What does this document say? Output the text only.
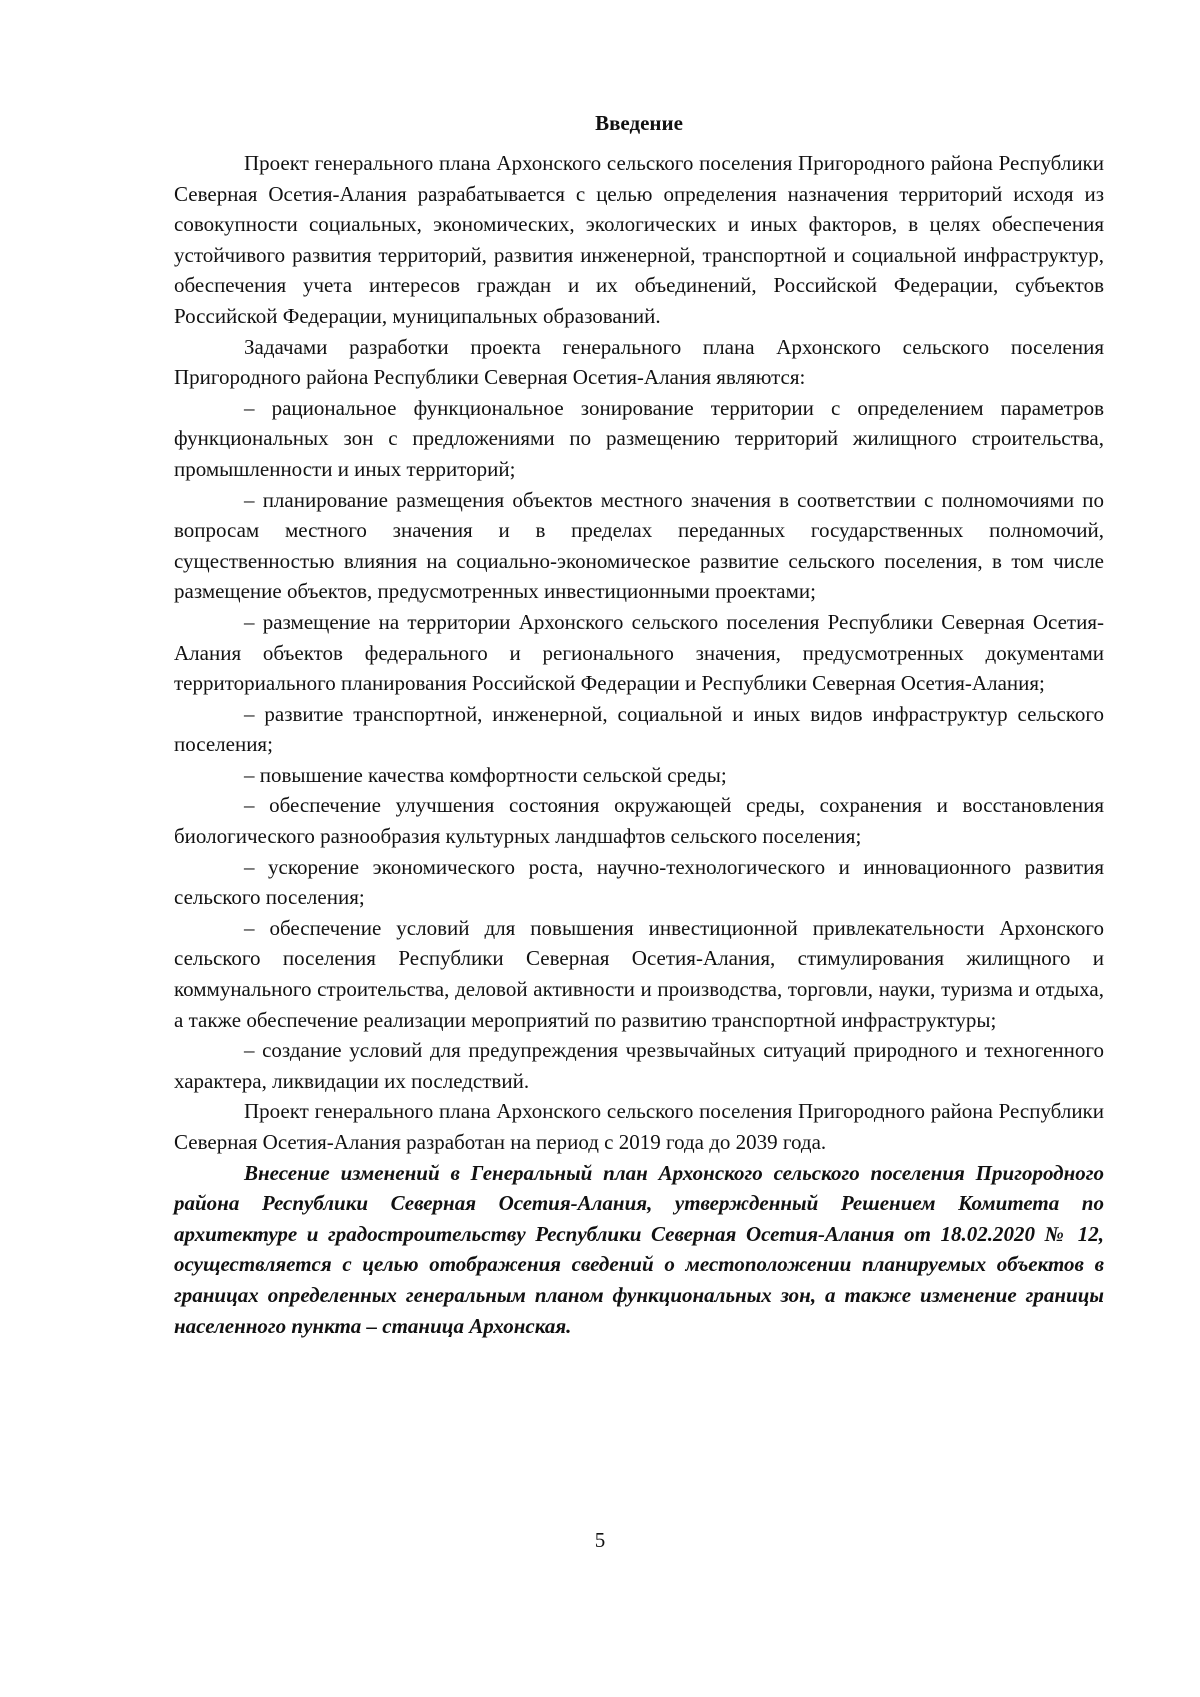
Введение

Проект генерального плана Архонского сельского поселения Пригородного района Республики Северная Осетия-Алания разрабатывается с целью определения назначения территорий исходя из совокупности социальных, экономических, экологических и иных факторов, в целях обеспечения устойчивого развития территорий, развития инженерной, транспортной и социальной инфраструктур, обеспечения учета интересов граждан и их объединений, Российской Федерации, субъектов Российской Федерации, муниципальных образований.

Задачами разработки проекта генерального плана Архонского сельского поселения Пригородного района Республики Северная Осетия-Алания являются:

– рациональное функциональное зонирование территории с определением параметров функциональных зон с предложениями по размещению территорий жилищного строительства, промышленности и иных территорий;

– планирование размещения объектов местного значения в соответствии с полномочиями по вопросам местного значения и в пределах переданных государственных полномочий, существенностью влияния на социально-экономическое развитие сельского поселения, в том числе размещение объектов, предусмотренных инвестиционными проектами;

– размещение на территории Архонского сельского поселения Республики Северная Осетия-Алания объектов федерального и регионального значения, предусмотренных документами территориального планирования Российской Федерации и Республики Северная Осетия-Алания;

– развитие транспортной, инженерной, социальной и иных видов инфраструктур сельского поселения;

– повышение качества комфортности сельской среды;

– обеспечение улучшения состояния окружающей среды, сохранения и восстановления биологического разнообразия культурных ландшафтов сельского поселения;

– ускорение экономического роста, научно-технологического и инновационного развития сельского поселения;

– обеспечение условий для повышения инвестиционной привлекательности Архонского сельского поселения Республики Северная Осетия-Алания, стимулирования жилищного и коммунального строительства, деловой активности и производства, торговли, науки, туризма и отдыха, а также обеспечение реализации мероприятий по развитию транспортной инфраструктуры;

– создание условий для предупреждения чрезвычайных ситуаций природного и техногенного характера, ликвидации их последствий.

Проект генерального плана Архонского сельского поселения Пригородного района Республики Северная Осетия-Алания разработан на период с 2019 года до 2039 года.

Внесение изменений в Генеральный план Архонского сельского поселения Пригородного района Республики Северная Осетия-Алания, утвержденный Решением Комитета по архитектуре и градостроительству Республики Северная Осетия-Алания от 18.02.2020 № 12, осуществляется с целью отображения сведений о местоположении планируемых объектов в границах определенных генеральным планом функциональных зон, а также изменение границы населенного пункта – станица Архонская.

5
